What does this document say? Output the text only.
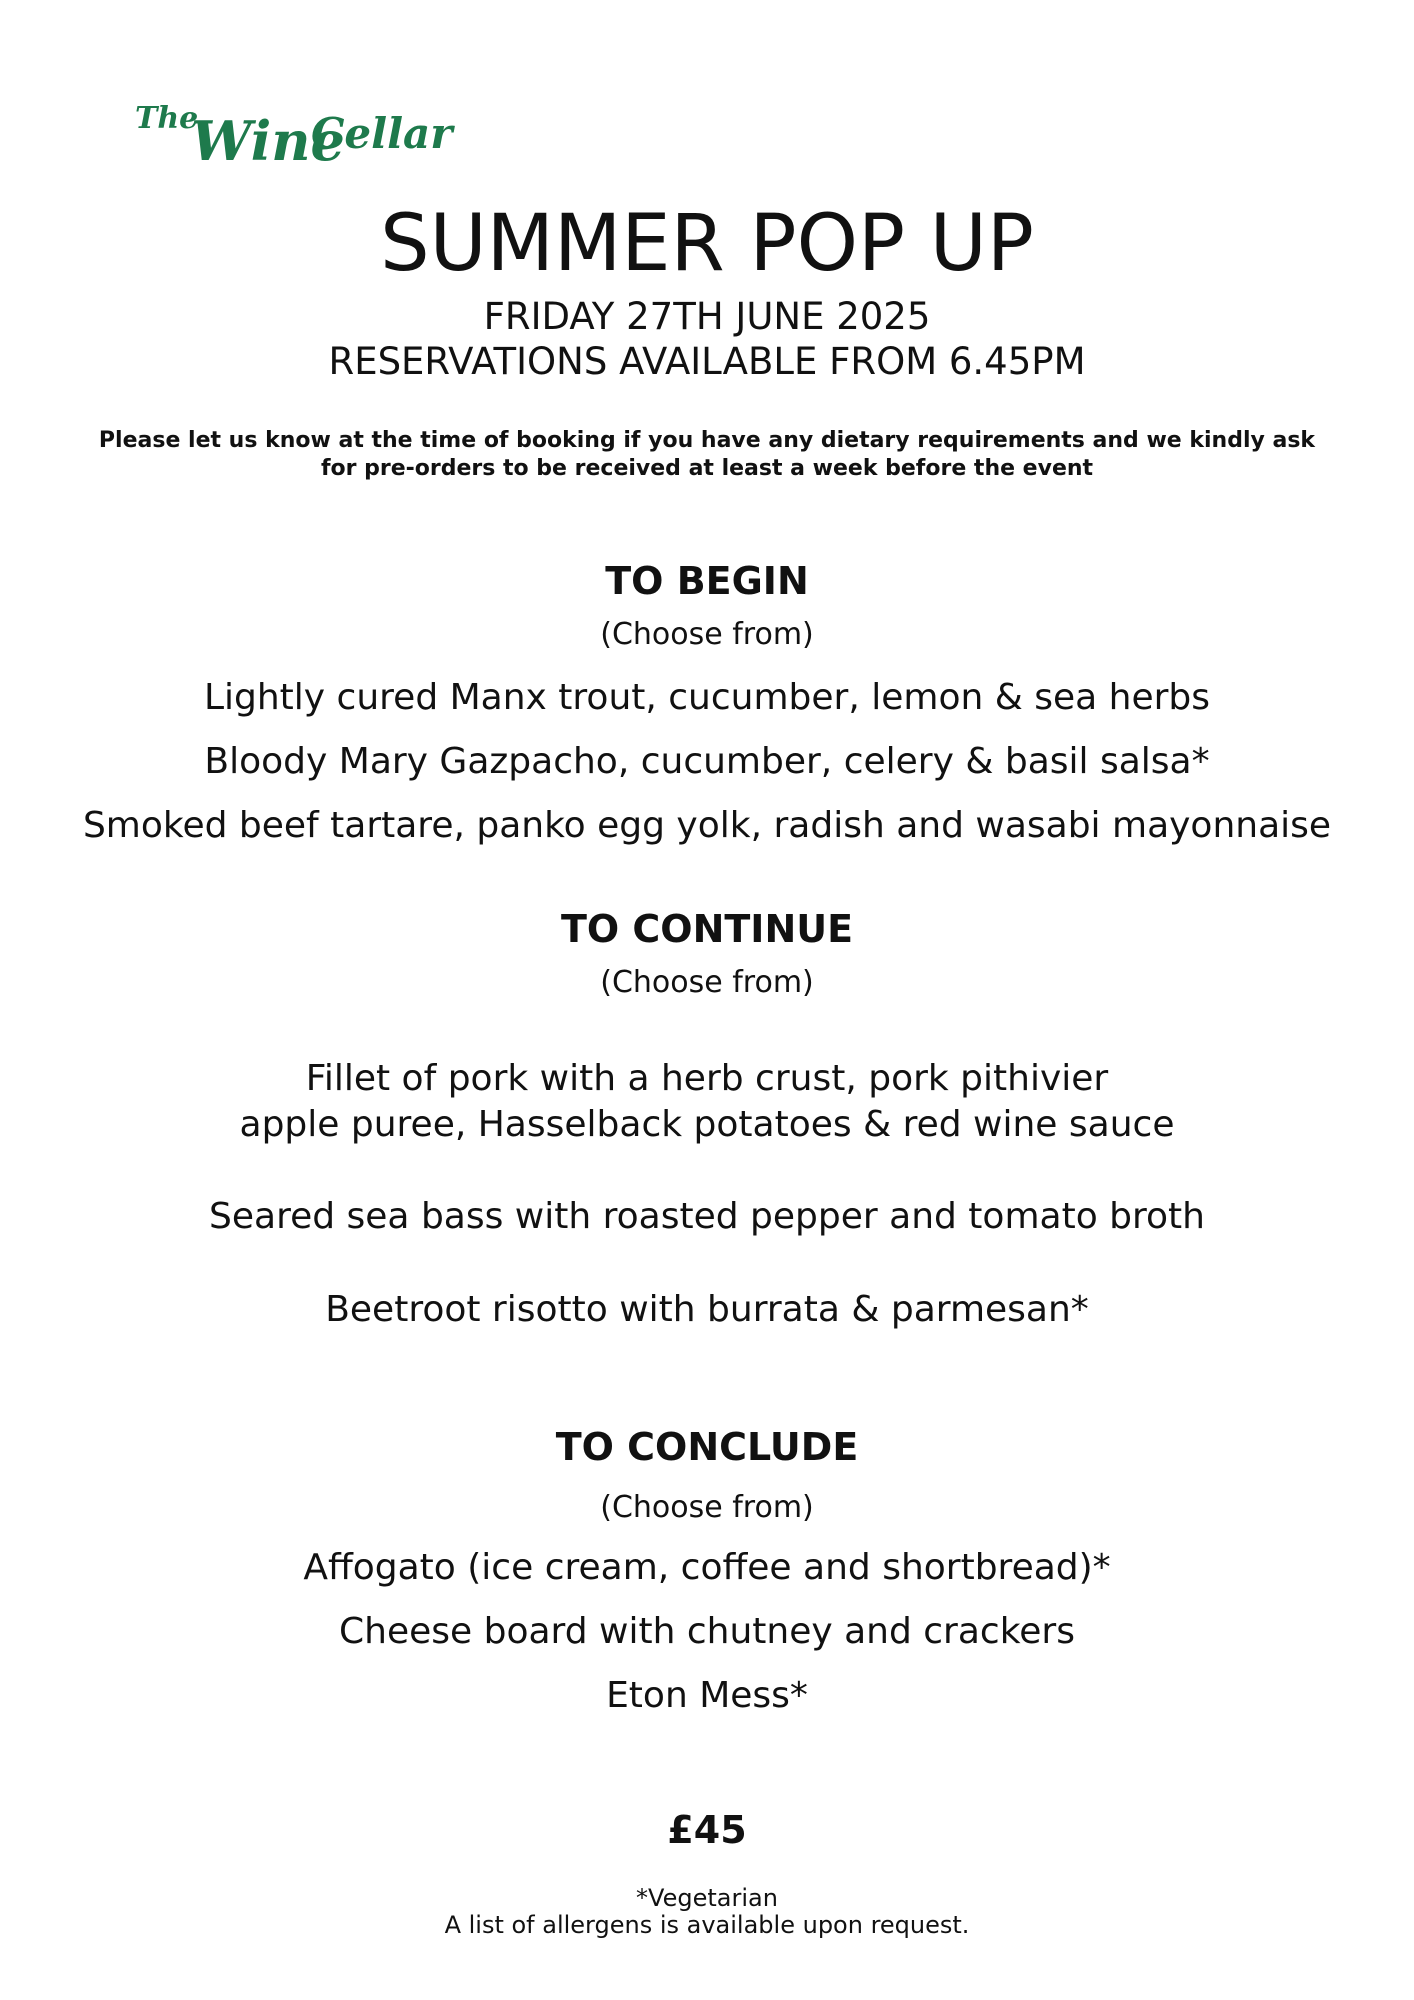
The
Wine
Cellar
SUMMER POP UP
FRIDAY 27TH JUNE 2025
RESERVATIONS AVAILABLE FROM 6.45PM
Please let us know at the time of booking if you have any dietary requirements and we kindly ask
for pre-orders to be received at least a week before the event
TO BEGIN
(Choose from)
Lightly cured Manx trout, cucumber, lemon & sea herbs
Bloody Mary Gazpacho, cucumber, celery & basil salsa*
Smoked beef tartare, panko egg yolk, radish and wasabi mayonnaise
TO CONTINUE
(Choose from)
Fillet of pork with a herb crust, pork pithivier
apple puree, Hasselback potatoes & red wine sauce
Seared sea bass with roasted pepper and tomato broth
Beetroot risotto with burrata & parmesan*
TO CONCLUDE
(Choose from)
Affogato (ice cream, coffee and shortbread)*
Cheese board with chutney and crackers
Eton Mess*
£45
*Vegetarian
A list of allergens is available upon request.
